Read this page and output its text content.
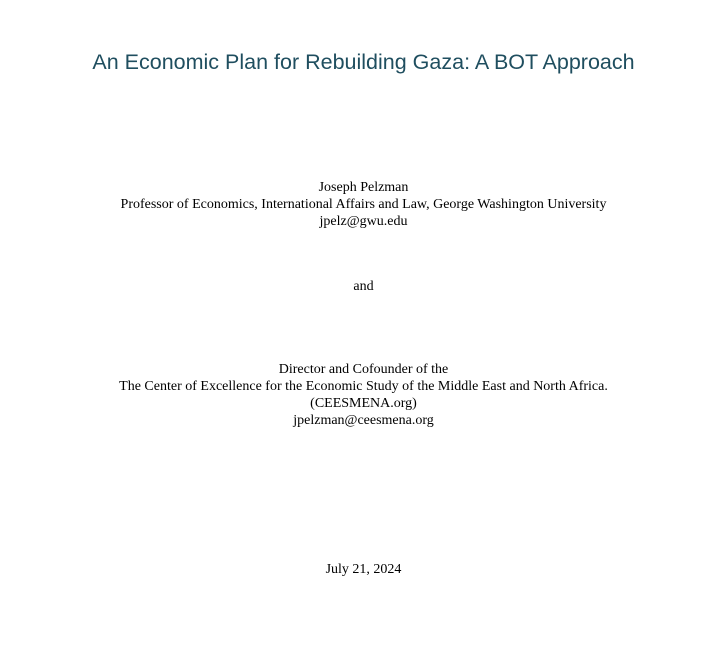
An Economic Plan for Rebuilding Gaza: A BOT Approach
Joseph Pelzman
Professor of Economics, International Affairs and Law, George Washington University
jpelz@gwu.edu
and
Director and Cofounder of the
The Center of Excellence for the Economic Study of the Middle East and North Africa.
(CEESMENA.org)
jpelzman@ceesmena.org
July 21, 2024
